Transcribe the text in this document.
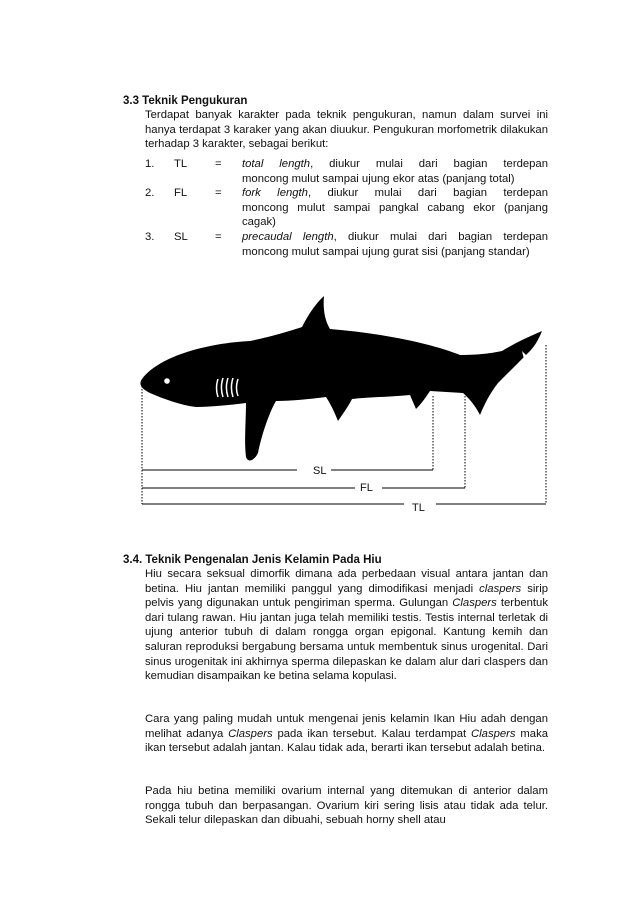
3.3 Teknik Pengukuran
Terdapat banyak karakter pada teknik pengukuran, namun dalam survei ini hanya terdapat 3 karaker yang akan diuukur. Pengukuran morfometrik dilakukan terhadap 3 karakter, sebagai berikut:
1. TL = total length, diukur mulai dari bagian terdepan
moncong mulut sampai ujung ekor atas (panjang total)
2. FL = fork length, diukur mulai dari bagian terdepan
moncong mulut sampai pangkal cabang ekor (panjang cagak)
3. SL = precaudal length, diukur mulai dari bagian terdepan
moncong mulut sampai ujung gurat sisi (panjang standar)
SL
FL
TL
3.4. Teknik Pengenalan Jenis Kelamin Pada Hiu
Hiu secara seksual dimorfik dimana ada perbedaan visual antara jantan dan betina. Hiu jantan memiliki panggul yang dimodifikasi menjadi claspers sirip pelvis yang digunakan untuk pengiriman sperma. Gulungan Claspers terbentuk dari tulang rawan. Hiu jantan juga telah memiliki testis. Testis internal terletak di ujung anterior tubuh di dalam rongga organ epigonal. Kantung kemih dan saluran reproduksi bergabung bersama untuk membentuk sinus urogenital. Dari sinus urogenitak ini akhirnya sperma dilepaskan ke dalam alur dari claspers dan kemudian disampaikan ke betina selama kopulasi.
Cara yang paling mudah untuk mengenai jenis kelamin Ikan Hiu adah dengan melihat adanya Claspers pada ikan tersebut. Kalau terdampat Claspers maka ikan tersebut adalah jantan. Kalau tidak ada, berarti ikan tersebut adalah betina.
Pada hiu betina memiliki ovarium internal yang ditemukan di anterior dalam rongga tubuh dan berpasangan. Ovarium kiri sering lisis atau tidak ada telur. Sekali telur dilepaskan dan dibuahi, sebuah horny shell atau
